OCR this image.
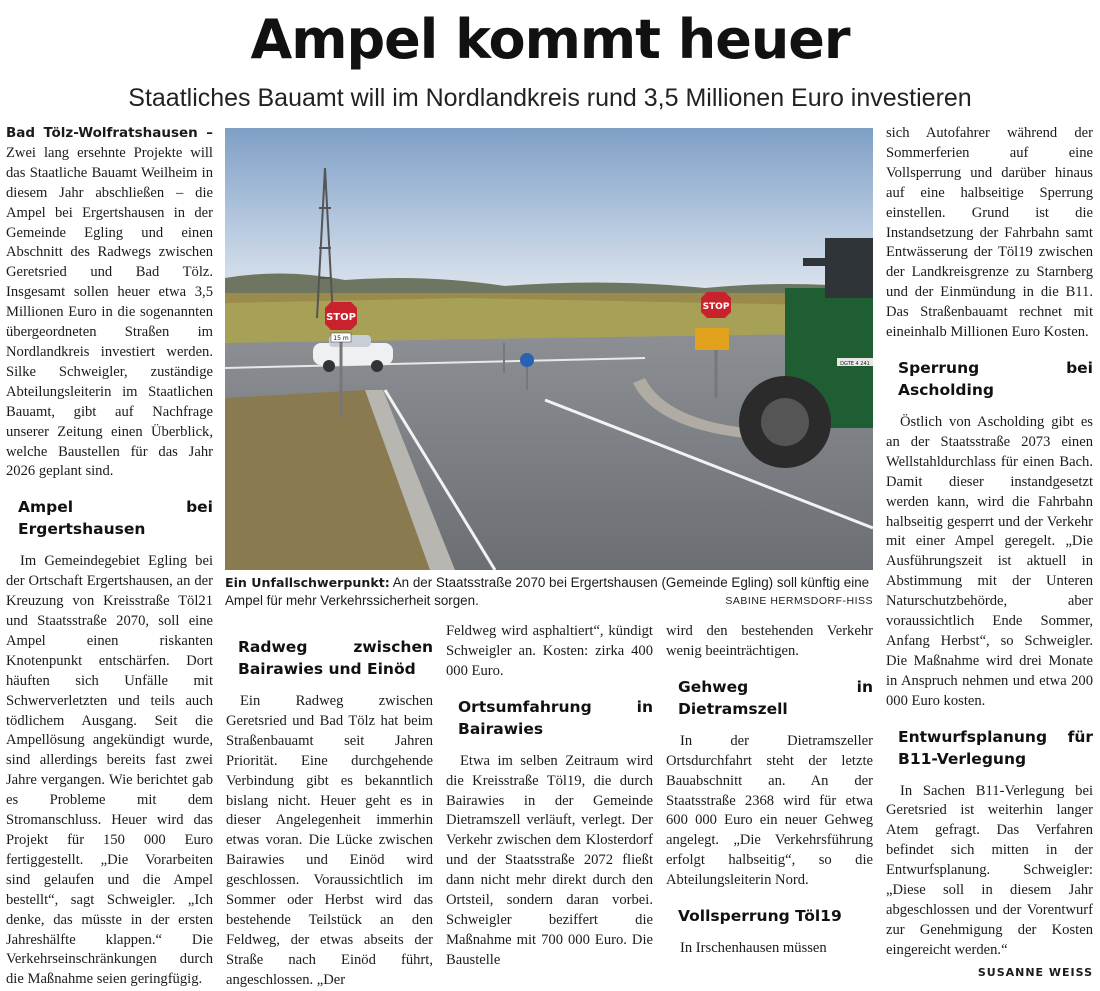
Ampel kommt heuer
Staatliches Bauamt will im Nordlandkreis rund 3,5 Millionen Euro investieren

Bad Tölz-Wolfratshausen – Zwei lang ersehnte Projekte will das Staatliche Bauamt Weilheim in diesem Jahr abschließen – die Ampel bei Ergertshausen in der Gemeinde Egling und einen Abschnitt des Radwegs zwischen Geretsried und Bad Tölz. Insgesamt sollen heuer etwa 3,5 Millionen Euro in die sogenannten übergeordneten Straßen im Nordlandkreis investiert werden. Silke Schweigler, zuständige Abteilungsleiterin im Staatlichen Bauamt, gibt auf Nachfrage unserer Zeitung einen Überblick, welche Baustellen für das Jahr 2026 geplant sind.

Ampel bei Ergertshausen

Im Gemeindegebiet Egling bei der Ortschaft Ergertshausen, an der Kreuzung von Kreisstraße Töl21 und Staatsstraße 2070, soll eine Ampel einen riskanten Knotenpunkt entschärfen. Dort häuften sich Unfälle mit Schwerverletzten und teils auch tödlichem Ausgang. Seit die Ampellösung angekündigt wurde, sind allerdings bereits fast zwei Jahre vergangen. Wie berichtet gab es Probleme mit dem Stromanschluss. Heuer wird das Projekt für 150 000 Euro fertiggestellt. „Die Vorarbeiten sind gelaufen und die Ampel bestellt“, sagt Schweigler. „Ich denke, das müsste in der ersten Jahreshälfte klappen.“ Die Verkehrseinschränkungen durch die Maßnahme seien geringfügig.

STOP
15 m
STOP
DGTE 4 241
Ein Unfallschwerpunkt: An der Staatsstraße 2070 bei Ergertshausen (Gemeinde Egling) soll künftig eine Ampel für mehr Verkehrssicherheit sorgen.	SABINE HERMSDORF-HISS
Radweg zwischen Bairawies und Einöd

Ein Radweg zwischen Geretsried und Bad Tölz hat beim Straßenbauamt seit Jahren Priorität. Eine durchgehende Verbindung gibt es bekanntlich bislang nicht. Heuer geht es in dieser Angelegenheit immerhin etwas voran. Die Lücke zwischen Bairawies und Einöd wird geschlossen. Voraussichtlich im Sommer oder Herbst wird das bestehende Teilstück an den Feldweg, der etwas abseits der Straße nach Einöd führt, angeschlossen. „Der

Feldweg wird asphaltiert“, kündigt Schweigler an. Kosten: zirka 400 000 Euro.

Ortsumfahrung in Bairawies

Etwa im selben Zeitraum wird die Kreisstraße Töl19, die durch Bairawies in der Gemeinde Dietramszell verläuft, verlegt. Der Verkehr zwischen dem Klosterdorf und der Staatsstraße 2072 fließt dann nicht mehr direkt durch den Ortsteil, sondern daran vorbei. Schweigler beziffert die Maßnahme mit 700 000 Euro. Die Baustelle

wird den bestehenden Verkehr wenig beeinträchtigen.

Gehweg in Dietramszell

In der Dietramszeller Ortsdurchfahrt steht der letzte Bauabschnitt an. An der Staatsstraße 2368 wird für etwa 600 000 Euro ein neuer Gehweg angelegt. „Die Verkehrsführung erfolgt halbseitig“, so die Abteilungsleiterin Nord.

Vollsperrung Töl19

In Irschenhausen müssen

sich Autofahrer während der Sommerferien auf eine Vollsperrung und darüber hinaus auf eine halbseitige Sperrung einstellen. Grund ist die Instandsetzung der Fahrbahn samt Entwässerung der Töl19 zwischen der Landkreisgrenze zu Starnberg und der Einmündung in die B11. Das Straßenbauamt rechnet mit eineinhalb Millionen Euro Kosten.

Sperrung bei Ascholding

Östlich von Ascholding gibt es an der Staatsstraße 2073 einen Wellstahldurchlass für einen Bach. Damit dieser instandgesetzt werden kann, wird die Fahrbahn halbseitig gesperrt und der Verkehr mit einer Ampel geregelt. „Die Ausführungszeit ist aktuell in Abstimmung mit der Unteren Naturschutzbehörde, aber voraussichtlich Ende Sommer, Anfang Herbst“, so Schweigler. Die Maßnahme wird drei Monate in Anspruch nehmen und etwa 200 000 Euro kosten.

Entwurfsplanung für B11-Verlegung

In Sachen B11-Verlegung bei Geretsried ist weiterhin langer Atem gefragt. Das Verfahren befindet sich mitten in der Entwurfsplanung. Schweigler: „Diese soll in diesem Jahr abgeschlossen und der Vorentwurf zur Genehmigung der Kosten eingereicht werden.“

SUSANNE WEISS
